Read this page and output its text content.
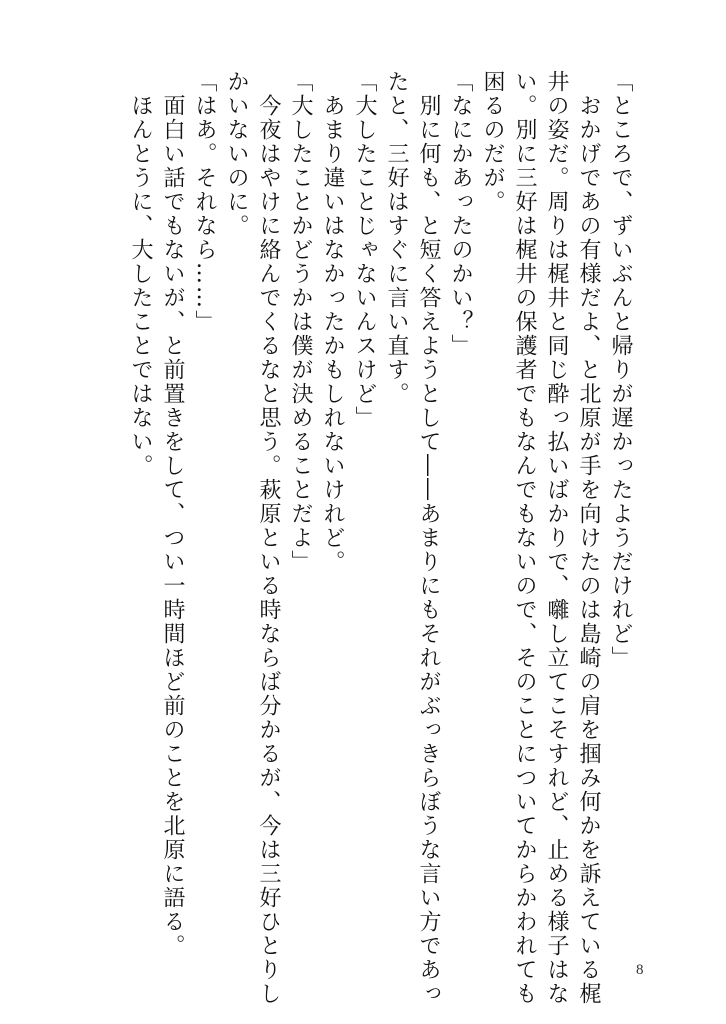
「ところで、ずいぶんと帰りが遅かったようだけれど」

　おかげであの有様だよ、と北原が手を向けたのは島崎の肩を掴み何かを訴えている梶

井の姿だ。周りは梶井と同じ酔っ払いばかりで、囃し立てこそすれど、止める様子はな

い。別に三好は梶井の保護者でもなんでもないので、そのことについてからかわれても

困るのだが。

「なにかあったのかい？」

　別に何も、と短く答えようとして――あまりにもそれがぶっきらぼうな言い方であっ

たと、三好はすぐに言い直す。

「大したことじゃないんスけど」

　あまり違いはなかったかもしれないけれど。

「大したことかどうかは僕が決めることだよ」

　今夜はやけに絡んでくるなと思う。萩原といる時ならば分かるが、今は三好ひとりし

かいないのに。

「はあ。それなら……」

　面白い話でもないが、と前置きをして、つい一時間ほど前のことを北原に語る。

　ほんとうに、大したことではない。

8
